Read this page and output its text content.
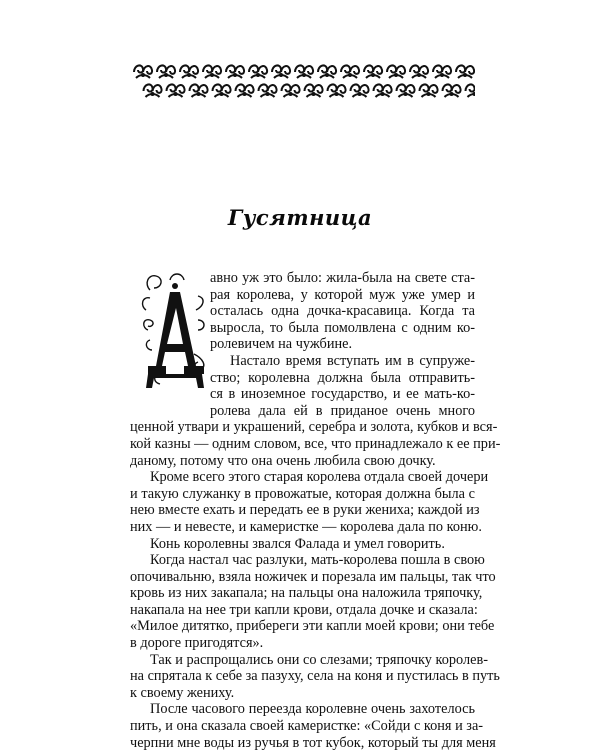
Гусятница

авно уж это было: жила-была на свете ста-
рая королева, у которой муж уже умер и
осталась одна дочка-красавица. Когда та
выросла, то была помолвлена с одним ко-
ролевичем на чужбине.

Настало время вступать им в супруже-
ство; королевна должна была отправить-
ся в иноземное государство, и ее мать-ко-
ролева дала ей в приданое очень много
ценной утвари и украшений, серебра и золота, кубков и вся-
кой казны — одним словом, все, что принадлежало к ее при-
даному, потому что она очень любила свою дочку.

Кроме всего этого старая королева отдала своей дочери
и такую служанку в провожатые, которая должна была с
нею вместе ехать и передать ее в руки жениха; каждой из
них — и невесте, и камеристке — королева дала по коню.

Конь королевны звался Фалада и умел говорить.

Когда настал час разлуки, мать-королева пошла в свою
опочивальню, взяла ножичек и порезала им пальцы, так что
кровь из них закапала; на пальцы она наложила тряпочку,
накапала на нее три капли крови, отдала дочке и сказала:
«Милое дитятко, прибереги эти капли моей крови; они тебе
в дороге пригодятся».

Так и распрощались они со слезами; тряпочку королев-
на спрятала к себе за пазуху, села на коня и пустилась в путь
к своему жениху.

После часового переезда королевне очень захотелось
пить, и она сказала своей камеристке: «Сойди с коня и за-
черпни мне воды из ручья в тот кубок, который ты для меня
